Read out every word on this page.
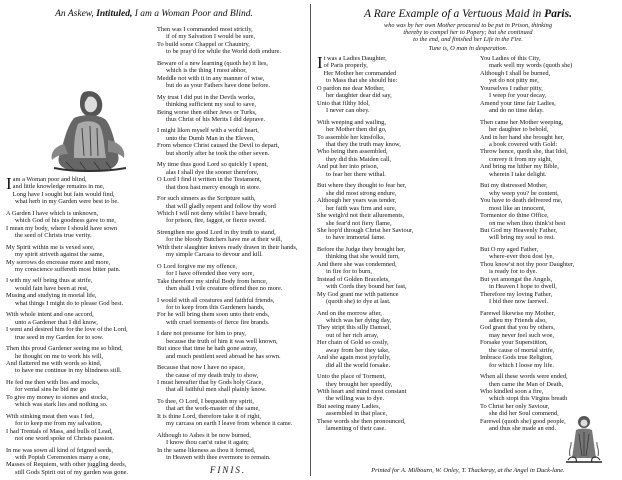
An Askew, Intituled, I am a Woman Poor and Blind.

I am a Woman poor and blind,

and little knowledge remains in me,

Long have I sought but fain would find,

what herb in my Garden were best to be.

A Garden I have which is unknown,

which God of his goodness gave to me,

I mean my body, where I should have sown

the seed of Christs true verity.

My Spirit within me is vexed sore,

my spirit striveth against the same,

My sorrows do encrease more and more,

my conscience suffereth most bitter pain.

I with my self being thus at strife,

would fain have been at rest,

Musing and studying in mortal life,

what things I might do to please God best.

With whole intent and one accord,

unto a Gardener that I did know,

I went and desired him for the love of the Lord,

true seed in my Garden for to sow.

Then this proud Gardener seeing me so blind,

he thought on me to work his will,

And flattered me with words so kind,

to have me continue in my blindness still.

He fed me then with lies and mocks,

for venial sins he bid me go

To give my money to stones and stocks,

which was stark lies and nothing so.

With stinking meat then was I fed,

for to keep me from my salvation,

I had Trentals of Mass, and bulls of Lead,

not one word spoke of Christs passion.

In me was sown all kind of feigned seeds,

with Popish Ceremonies many a one,

Masses of Requiem, with other juggling deeds,

still Gods Spirit out of my garden was gone.

Then was I commanded most strictly,

if of my Salvation I would be sure,

To build some Chappel or Chauntry,

to be pray'd for while the World doth endure.

Beware of a new learning (quoth he) it lies,

which is the thing I most abhor,

Meddle not with it in any manner of wise,

but do as your Fathers have done before.

My trust I did put in the Devils works,

thinking sufficient my soul to save,

Being worse then either Jews or Turks,

thus Christ of his Merits I did deprave.

I might liken myself with a woful heart,

unto the Dumb Man in the Eleven,

From whence Christ caused the Devil to depart,

but shortly after he took the other seven.

My time thus good Lord so quickly I spent,

alas I shall dye the sooner therefore,

O Lord I find it written in the Testament,

that thou hast mercy enough in store.

For such sinners as the Scripture saith,

that will gladly repent and follow thy word

Which I will not deny whilst I have breath,

for prison, fire, faggot, or fierce sword.

Strengthen me good Lord in thy truth to stand,

for the bloody Butchers have me at their will,

With their slaughter knives ready drawn in their hands,

my simple Carcass to devour and kill.

O Lord forgive me my offence,

for I have offended thee very sore,

Take therefore my sinful Body from hence,

then shall I vile creature offend thee no more.

I would with all creatures and faithful friends,

for to keep from this Gardeners hands,

For he will bring them soon unto their ends,

with cruel torments of fierce fire brands.

I dare not presume for him to pray,

because the truth of him it was well known,

But since that time he hath gone astray,

and much pestilent seed abroad he has sown.

Because that now I have no space,

the cause of my death truly to show,

I must hereafter that by Gods holy Grace,

that all faithful men shall plainly know.

To thee, O Lord, I bequeath my spirit,

that art the work-master of the same,

It is thine Lord, therefore take it of right,

my carcass on earth I leave from whence it came.

Although to Ashes it be now burned,

I know thou can'st raise it again;

In the same likeness as thou it formed,

in Heaven with thee evermore to remain.

FINIS.
A Rare Example of a Vertuous Maid in Paris.

who was by her own Mother procured to be put in Prison, thinking

thereby to compel her to Popery; but she continued

to the end, and finished her Life in the Fire.

Tune is, O man in desperation.

It was a Ladies Daughter,

of Paris properly,

Her Mother her commanded

to Mass that she should hie:

O pardon me dear Mother,

her daughter dear did say,

Unto that filthy Idol,

I never can obey.

With weeping and wailing,

her Mother then did go,

To assemble her kinsfolks,

that they the truth may know,

Who being then assembled,

they did this Maiden call,

And put her into prison,

to fear her there withal.

But where they thought to fear her,

she did most strong endure,

Although her years was tender,

her faith was firm and sure,

She weigh'd not their allurements,

she fear'd not fiery flame,

She hop'd through Christ her Saviour,

to have immortal fame.

Before the Judge they brought her,

thinking that she would turn,

And there she was condemned,

in fire for to burn,

Instead of Golden Bracelets,

with Cords they bound her fast,

My God grant me with patience

(quoth she) to dye at last.

And on the morrow after,

which was her dying day,

They stript this silly Damsel,

out of her rich array,

Her chain of Gold so costly,

away from her they take,

And she again most joyfully,

did all the world forsake.

Unto the place of Torment,

they brought her speedily,

With heart and mind most constant

the willing was to dye.

But seeing many Ladies,

assembled in that place,

These words she then pronounced,

lamenting of their case.

You Ladies of this City,

mark well my words (quoth she)

Although I shall be burned,

yet do not pitty me,

Yourselves I rather pitty,

I weep for your decay,

Amend your time fair Ladies,

and do no time delay.

Then came her Mother weeping,

her daughter to behold,

And in her hand she brought her,

a book covered with Gold:

Throw hence, quoth she, that Idol,

convey it from my sight,

And bring me hither my Bible,

wherein I take delight.

But my distressed Mother,

why weep you? be content,

You have to death delivered me,

most like an innocent,

Tormentor do thine Office,

on me when thou think'st best

But God my Heavenly Father,

will bring my soul to rest.

But O my aged Father,

where-ever thou dost lye,

Thou know'st not thy poor Daughter,

is ready for to dye.

But yet amongst the Angels,

in Heaven I hope to dwell,

Therefore my loving Father,

I bid thee now farewel.

Farewel likewise my Mother,

adieu my Friends also,

God grant that you by others,

may never feel such woe,

Forsake your Superstition,

the cause of mortal strife,

Imbrace Gods true Religion,

for which I loose my life.

When all these words were ended,

then came the Man of Death,

Who kindled soon a fire,

which stopt this Virgins breath

To Christ her only Saviour,

she did her Soul commend,

Farewel (quoth she) good people,

and thus she made an end.

Printed for A. Milbourn, W. Onley, T. Thackeray, at the Angel in Duck-lane.
